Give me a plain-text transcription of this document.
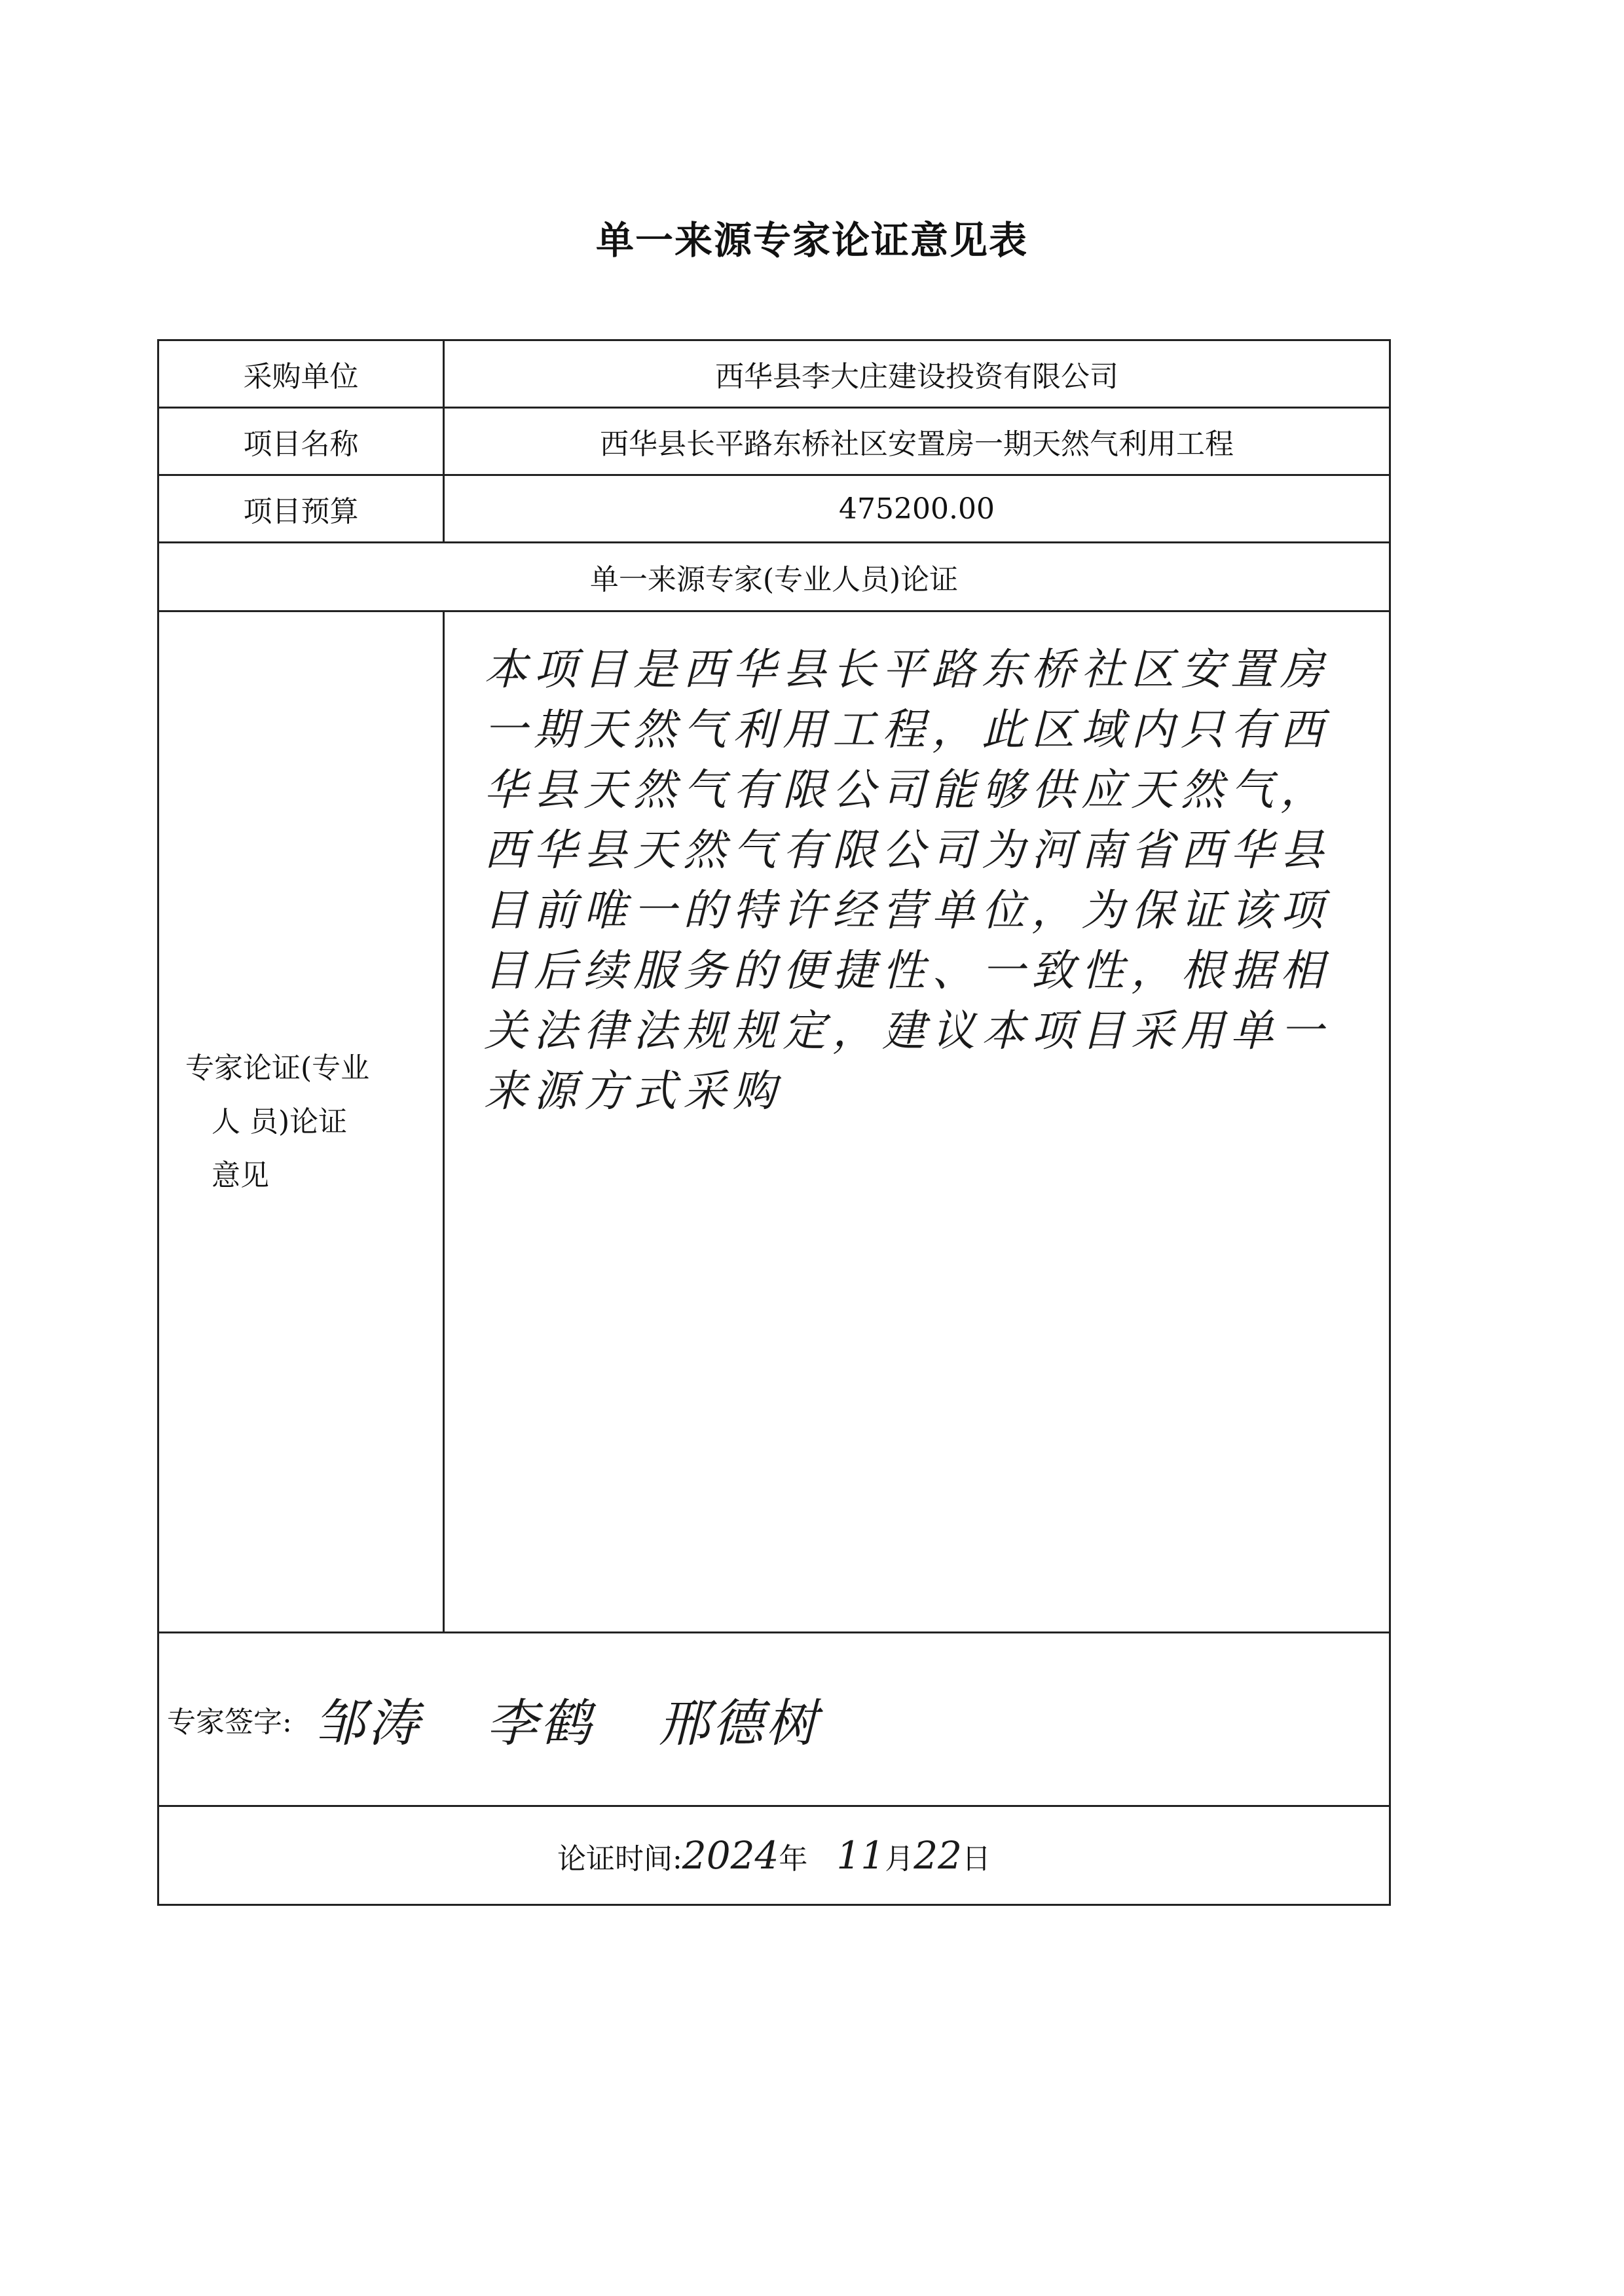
单一来源专家论证意见表
采购单位	西华县李大庄建设投资有限公司
项目名称	西华县长平路东桥社区安置房一期天然气利用工程
项目预算	475200.00
单一来源专家(专业人员)论证	

专家论证(专业
人 员)论证
意见	本项目是西华县长平路东桥社区安置房一期天然气利用工程，此区域内只有西华县天然气有限公司能够供应天然气，西华县天然气有限公司为河南省西华县目前唯一的特许经营单位，为保证该项目后续服务的便捷性、一致性，根据相关法律法规规定，建议本项目采用单一来源方式采购

专家签字: 邹涛 李鹤 邢德树	
论证时间:2024年 11月22日	
